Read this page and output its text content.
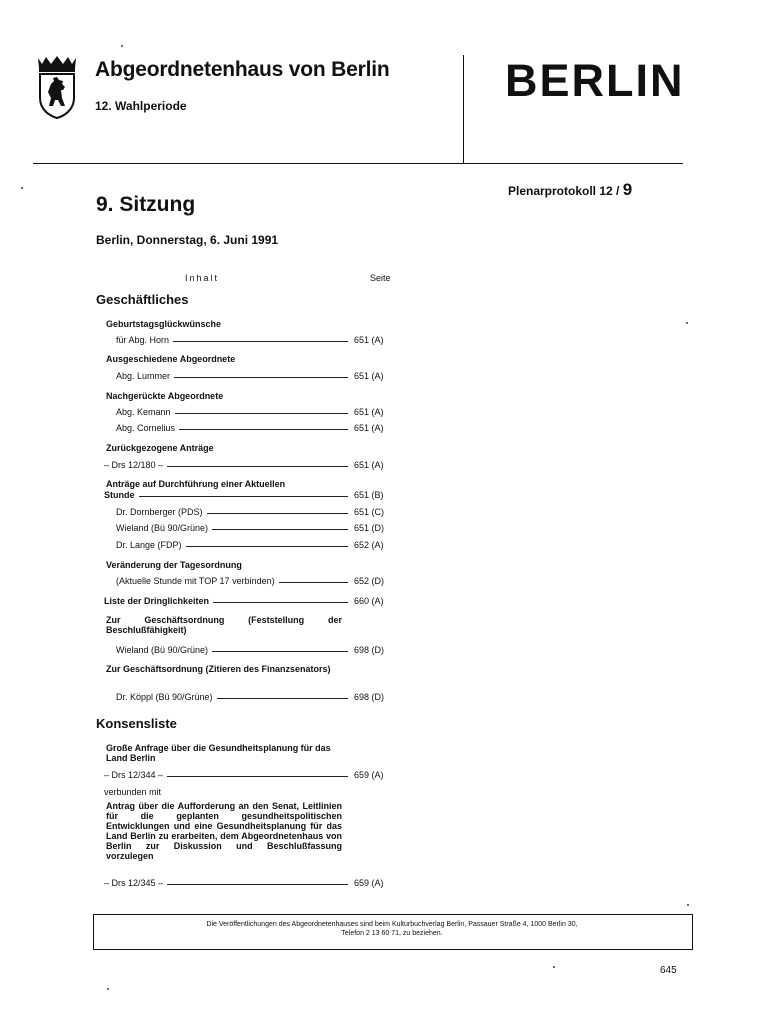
Abgeordnetenhaus von Berlin
12. Wahlperiode	BERLIN
Plenarprotokoll 12 / 9
9. Sitzung
Berlin, Donnerstag, 6. Juni 1991
Inhalt	Seite
Geschäftliches
Geburtstagsglückwünsche
für Abg. Horn	651 (A)
Ausgeschiedene Abgeordnete
Abg. Lummer	651 (A)
Nachgerückte Abgeordnete
Abg. Kemann	651 (A)
Abg. Cornelius	651 (A)
Zurückgezogene Anträge
– Drs 12/180 –	651 (A)
Anträge auf Durchführung einer Aktuellen
Stunde	651 (B)
Dr. Dornberger (PDS)	651 (C)
Wieland (Bü 90/Grüne)	651 (D)
Dr. Lange (FDP)	652 (A)
Veränderung der Tagesordnung
(Aktuelle Stunde mit TOP 17 verbinden)	652 (D)
Liste der Dringlichkeiten	660 (A)
Zur Geschäftsordnung (Feststellung der Beschlußfähigkeit)
Wieland (Bü 90/Grüne)	698 (D)
Zur Geschäftsordnung (Zitieren des Finanzsenators)
Dr. Köppl (Bü 90/Grüne)	698 (D)
Konsensliste
Große Anfrage über die Gesundheitsplanung für das Land Berlin
– Drs 12/344 –	659 (A)
verbunden mit
Antrag über die Aufforderung an den Senat, Leitlinien für die geplanten gesundheitspolitischen Entwicklungen und eine Gesundheitsplanung für das Land Berlin zu erarbeiten, dem Abgeordnetenhaus von Berlin zur Diskussion und Beschlußfassung vorzulegen
– Drs 12/345 –	659 (A)
Die Veröffentlichungen des Abgeordnetenhauses sind beim Kulturbuchverlag Berlin, Passauer Straße 4, 1000 Berlin 30,
Telefon 2 13 60 71, zu beziehen.
645
